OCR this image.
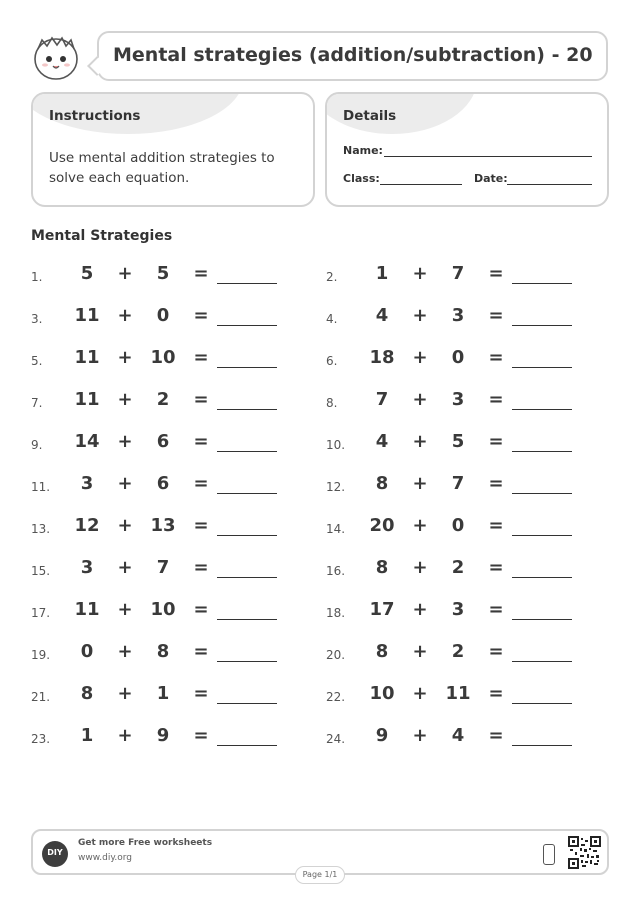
Mental strategies (addition/subtraction) - 20
Instructions
Use mental addition strategies to solve each equation.
Details
Name:
Class:	Date:
Mental Strategies
1.	5	+	5	=	2.	1	+	7	=
3.	11 +	0	=	4.	4	+	3	=
5.	11 + 10 =	6.	18 +	0	=
7.	11 +	2	=	8.	7	+	3	=
9.	14 +	6	=	10.	4	+	5	=
11.	3	+	6	=	12.	8	+	7	=
13.	12 + 13 =	14.	20 +	0	=
15.	3	+	7	=	16.	8	+	2	=
17.	11 + 10 =	18.	17 +	3	=
19.	0	+	8	=	20.	8	+	2	=
21.	8	+	1	=	22.	10 + 11 =
23.	1	+	9	=	24.	9	+	4	=
DIY
Get more Free worksheets
www.diy.org
Page 1/1
